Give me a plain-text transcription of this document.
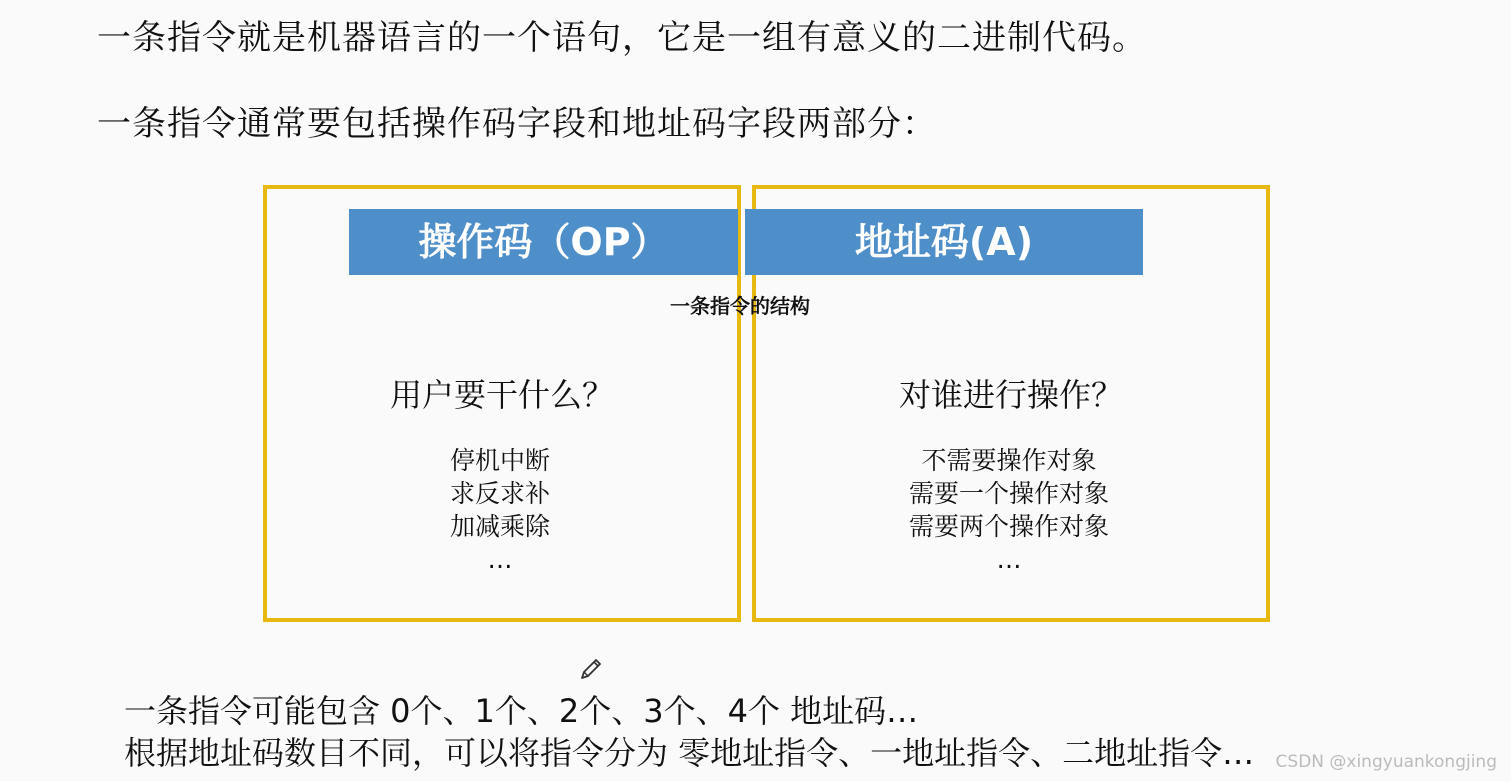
一条指令就是机器语言的一个语句，它是一组有意义的二进制代码。
一条指令通常要包括操作码字段和地址码字段两部分：
操作码（OP）	地址码(A)
一条指令的结构
用户要干什么？	对谁进行操作？
停机中断
求反求补
加减乘除
…
不需要操作对象
需要一个操作对象
需要两个操作对象
…
一条指令可能包含 0个、1个、2个、3个、4个 地址码…
根据地址码数目不同，可以将指令分为 零地址指令、一地址指令、二地址指令… CSDN @xingyuankongjing
